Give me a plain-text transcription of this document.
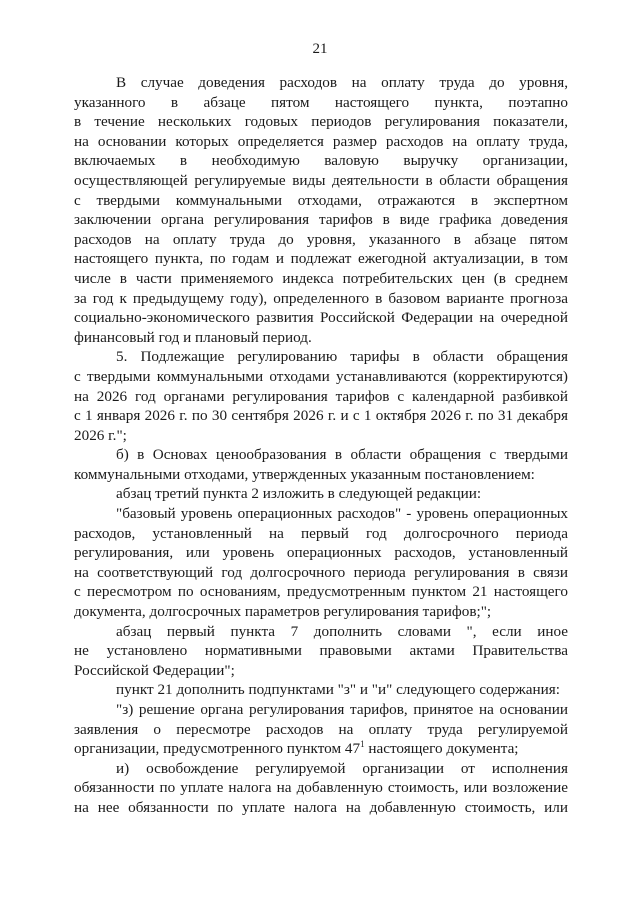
21
В случае доведения расходов на оплату труда до уровня,
указанного в абзаце пятом настоящего пункта, поэтапно
в течение нескольких годовых периодов регулирования показатели,
на основании которых определяется размер расходов на оплату труда,
включаемых в необходимую валовую выручку организации,
осуществляющей регулируемые виды деятельности в области обращения
с твердыми коммунальными отходами, отражаются в экспертном
заключении органа регулирования тарифов в виде графика доведения
расходов на оплату труда до уровня, указанного в абзаце пятом
настоящего пункта, по годам и подлежат ежегодной актуализации, в том
числе в части применяемого индекса потребительских цен (в среднем
за год к предыдущему году), определенного в базовом варианте прогноза
социально-экономического развития Российской Федерации на очередной
финансовый год и плановый период.
5. Подлежащие регулированию тарифы в области обращения
с твердыми коммунальными отходами устанавливаются (корректируются)
на 2026 год органами регулирования тарифов с календарной разбивкой
с 1 января 2026 г. по 30 сентября 2026 г. и с 1 октября 2026 г. по 31 декабря
2026 г.";
б) в Основах ценообразования в области обращения с твердыми
коммунальными отходами, утвержденных указанным постановлением:
абзац третий пункта 2 изложить в следующей редакции:
"базовый уровень операционных расходов" - уровень операционных
расходов, установленный на первый год долгосрочного периода
регулирования, или уровень операционных расходов, установленный
на соответствующий год долгосрочного периода регулирования в связи
с пересмотром по основаниям, предусмотренным пунктом 21 настоящего
документа, долгосрочных параметров регулирования тарифов;";
абзац первый пункта 7 дополнить словами ", если иное
не установлено нормативными правовыми актами Правительства
Российской Федерации";
пункт 21 дополнить подпунктами "з" и "и" следующего содержания:
"з) решение органа регулирования тарифов, принятое на основании
заявления о пересмотре расходов на оплату труда регулируемой
организации, предусмотренного пунктом $47^1$ настоящего документа;
и) освобождение регулируемой организации от исполнения
обязанности по уплате налога на добавленную стоимость, или возложение
на нее обязанности по уплате налога на добавленную стоимость, или
